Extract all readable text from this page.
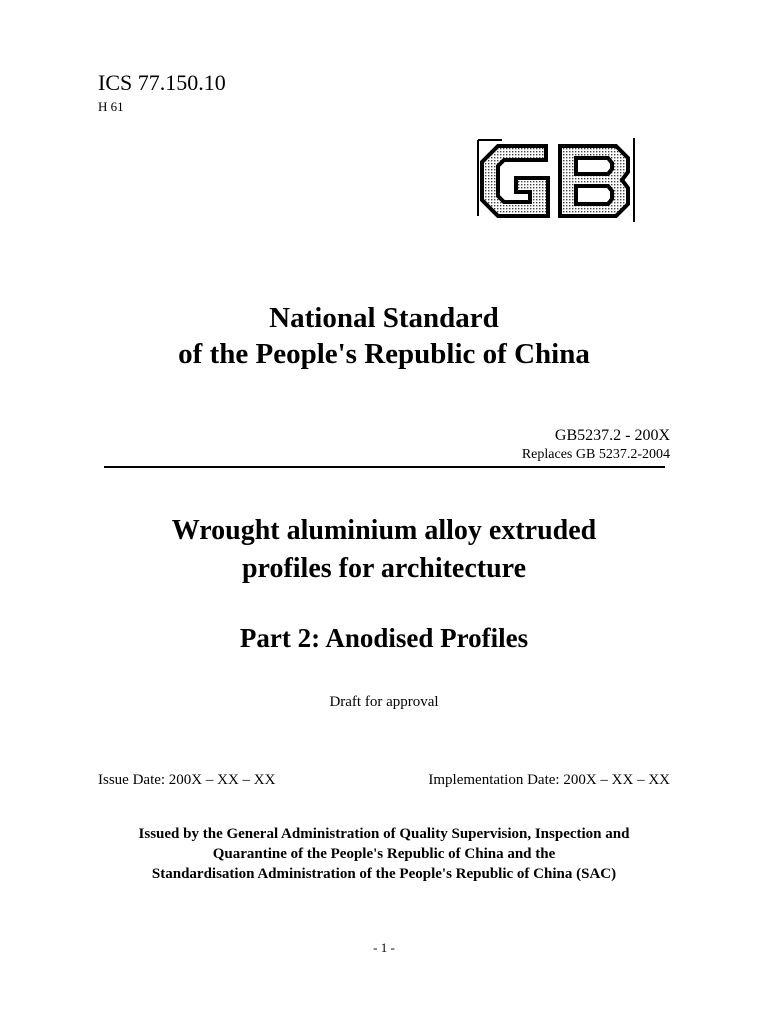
ICS 77.150.10
H 61
National Standard
of the People's Republic of China
GB5237.2 - 200X
Replaces GB 5237.2-2004
Wrought aluminium alloy extruded
profiles for architecture
Part 2: Anodised Profiles
Draft for approval
Issue Date: 200X – XX – XX	Implementation Date: 200X – XX – XX
Issued by the General Administration of Quality Supervision, Inspection and
Quarantine of the People's Republic of China and the
Standardisation Administration of the People's Republic of China (SAC)
- 1 -
